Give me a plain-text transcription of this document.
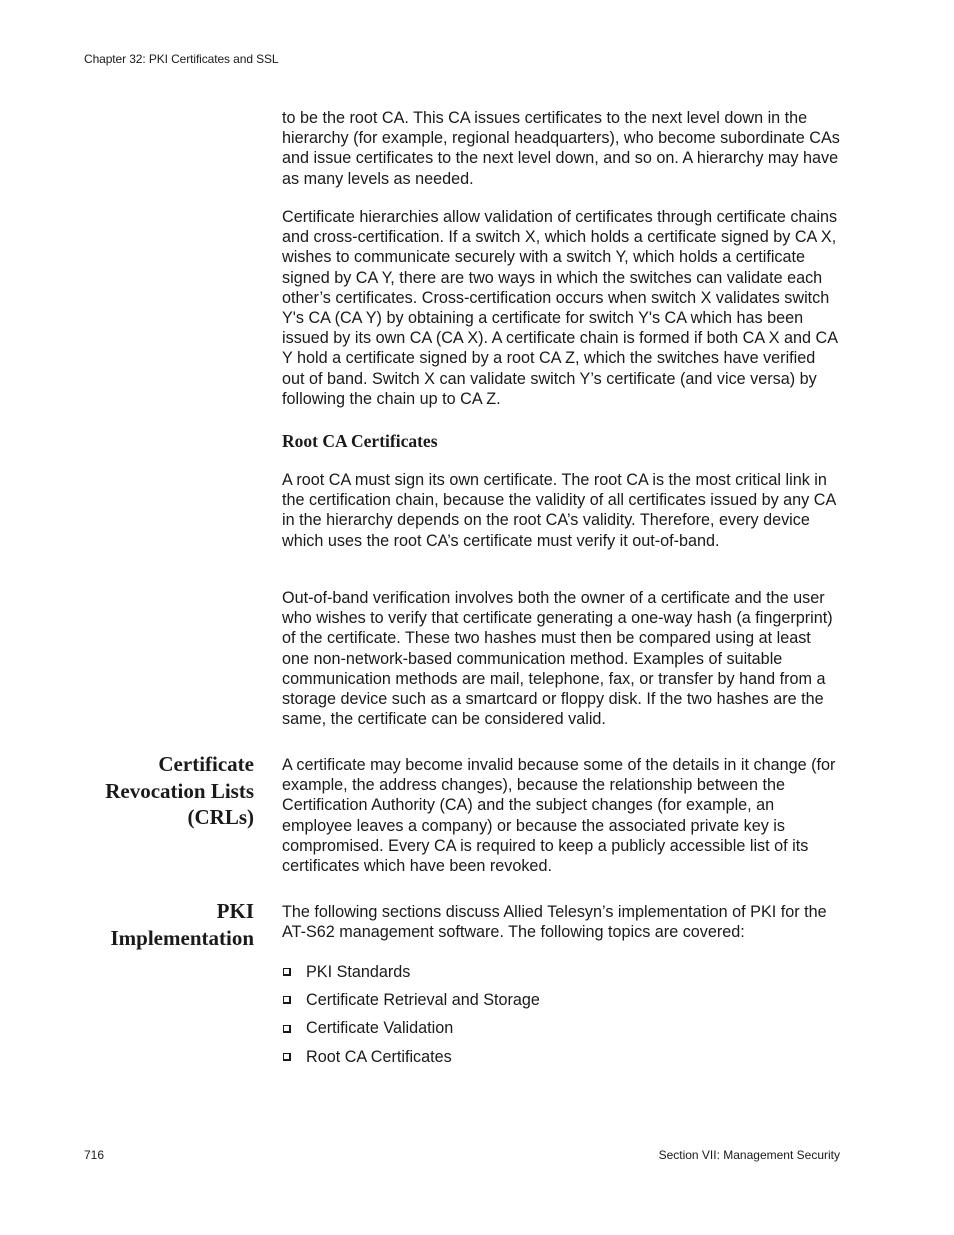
Chapter 32: PKI Certificates and SSL

to be the root CA. This CA issues certificates to the next level down in the hierarchy (for example, regional headquarters), who become subordinate CAs and issue certificates to the next level down, and so on. A hierarchy may have as many levels as needed.

Certificate hierarchies allow validation of certificates through certificate chains and cross-certification. If a switch X, which holds a certificate signed by CA X, wishes to communicate securely with a switch Y, which holds a certificate signed by CA Y, there are two ways in which the switches can validate each other’s certificates. Cross-certification occurs when switch X validates switch Y's CA (CA Y) by obtaining a certificate for switch Y's CA which has been issued by its own CA (CA X). A certificate chain is formed if both CA X and CA Y hold a certificate signed by a root CA Z, which the switches have verified out of band. Switch X can validate switch Y’s certificate (and vice versa) by following the chain up to CA Z.

Root CA Certificates

A root CA must sign its own certificate. The root CA is the most critical link in the certification chain, because the validity of all certificates issued by any CA in the hierarchy depends on the root CA’s validity. Therefore, every device which uses the root CA’s certificate must verify it out-of-band.

Out-of-band verification involves both the owner of a certificate and the user who wishes to verify that certificate generating a one-way hash (a fingerprint) of the certificate. These two hashes must then be compared using at least one non-network-based communication method. Examples of suitable communication methods are mail, telephone, fax, or transfer by hand from a storage device such as a smartcard or floppy disk. If the two hashes are the same, the certificate can be considered valid.

Certificate
Revocation Lists
(CRLs)

A certificate may become invalid because some of the details in it change (for example, the address changes), because the relationship between the Certification Authority (CA) and the subject changes (for example, an employee leaves a company) or because the associated private key is compromised. Every CA is required to keep a publicly accessible list of its certificates which have been revoked.

PKI
Implementation

The following sections discuss Allied Telesyn’s implementation of PKI for the AT-S62 management software. The following topics are covered:

PKI Standards
Certificate Retrieval and Storage
Certificate Validation
Root CA Certificates
716	Section VII: Management Security
